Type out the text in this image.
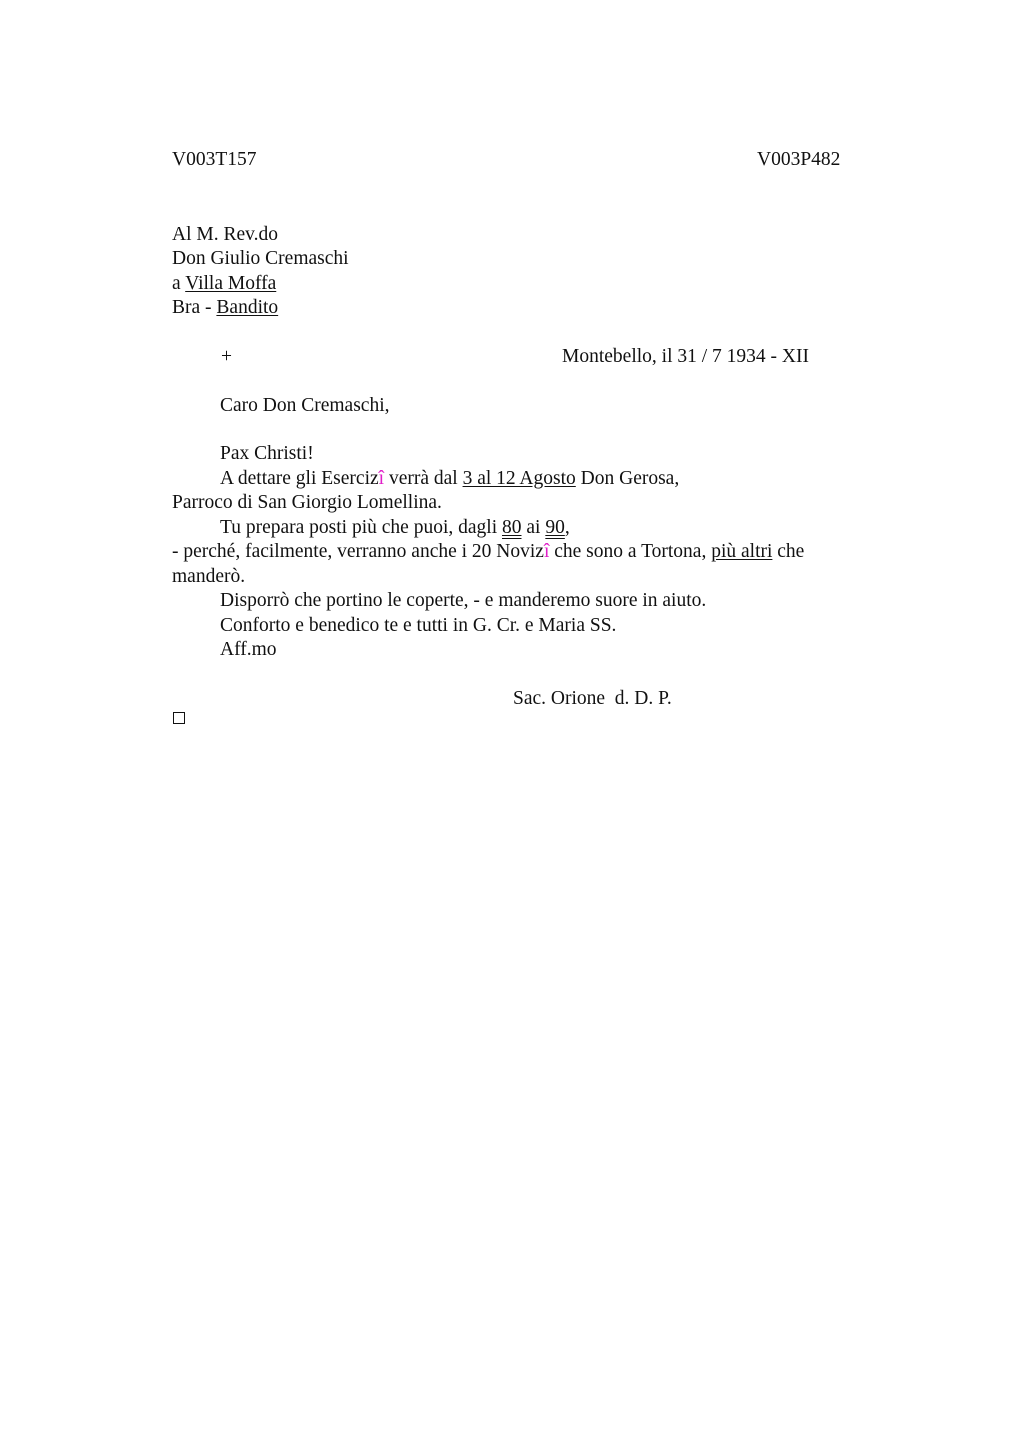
V003T157	V003P482
Al M. Rev.do
Don Giulio Cremaschi
a Villa Moffa
Bra - Bandito
+	Montebello, il 31 / 7 1934 - XII
Caro Don Cremaschi,
Pax Christi!
A dettare gli Esercizî verrà dal 3 al 12 Agosto Don Gerosa,
Parroco di San Giorgio Lomellina.
Tu prepara posti più che puoi, dagli 80 ai 90,
- perché, facilmente, verranno anche i 20 Novizî che sono a Tortona, più altri che
manderò.
Disporrò che portino le coperte, - e manderemo suore in aiuto.
Conforto e benedico te e tutti in G. Cr. e Maria SS.
Aff.mo
Sac. Orione  d. D. P.
